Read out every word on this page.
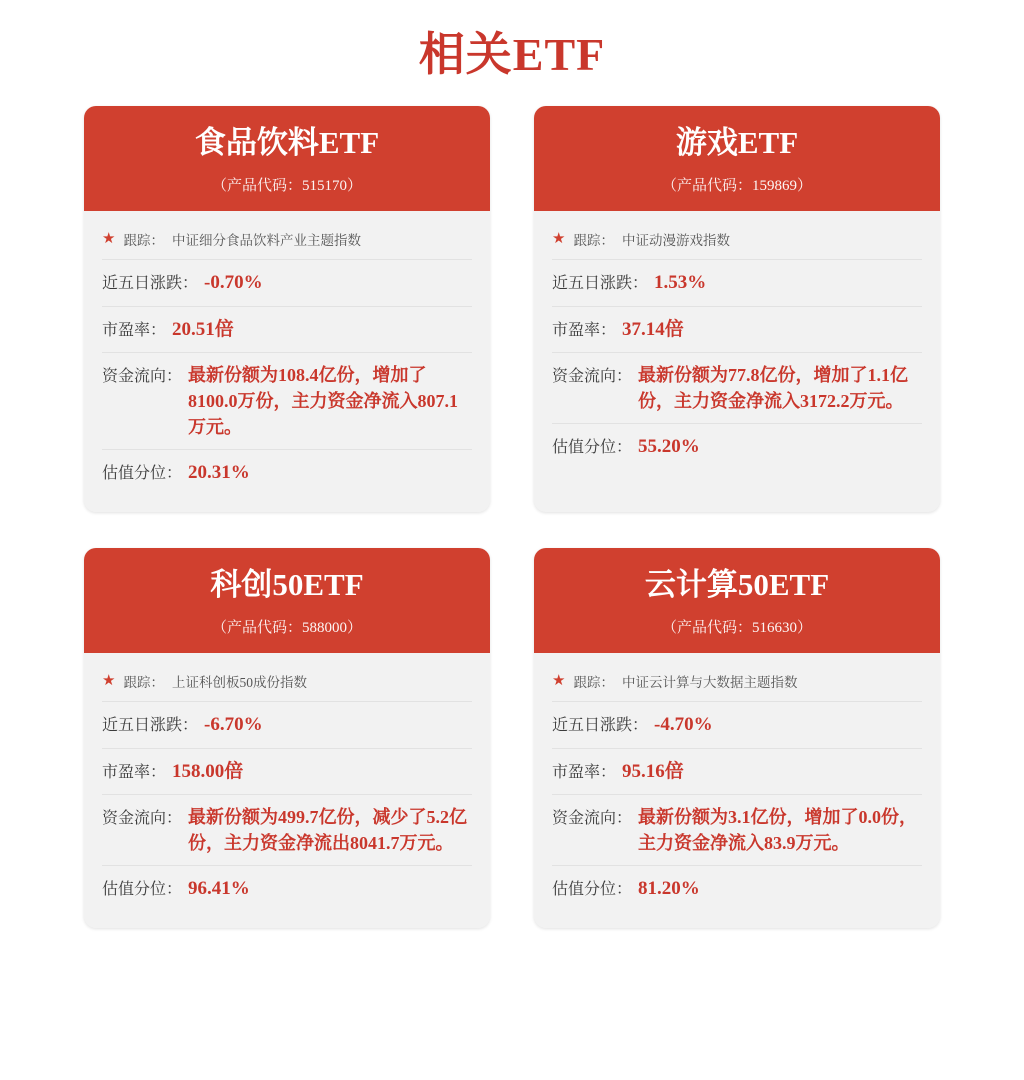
相关ETF
食品饮料ETF
（产品代码：515170）
★ 跟踪： 中证细分食品饮料产业主题指数
近五日涨跌： -0.70%
市盈率： 20.51倍
资金流向： 最新份额为108.4亿份，增加了8100.0万份，主力资金净流入807.1万元。
估值分位： 20.31%
游戏ETF
（产品代码：159869）
★ 跟踪： 中证动漫游戏指数
近五日涨跌： 1.53%
市盈率： 37.14倍
资金流向： 最新份额为77.8亿份，增加了1.1亿份，主力资金净流入3172.2万元。
估值分位： 55.20%
科创50ETF
（产品代码：588000）
★ 跟踪： 上证科创板50成份指数
近五日涨跌： -6.70%
市盈率： 158.00倍
资金流向： 最新份额为499.7亿份，减少了5.2亿份，主力资金净流出8041.7万元。
估值分位： 96.41%
云计算50ETF
（产品代码：516630）
★ 跟踪： 中证云计算与大数据主题指数
近五日涨跌： -4.70%
市盈率： 95.16倍
资金流向： 最新份额为3.1亿份，增加了0.0份，主力资金净流入83.9万元。
估值分位： 81.20%
